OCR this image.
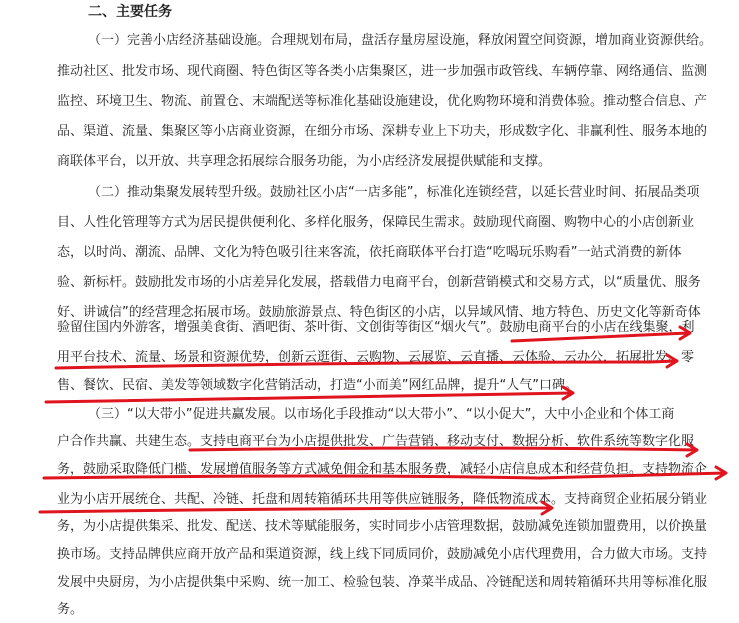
二、主要任务
（一）完善小店经济基础设施。合理规划布局，盘活存量房屋设施，释放闲置空间资源，增加商业资源供给。
推动社区、批发市场、现代商圈、特色街区等各类小店集聚区，进一步加强市政管线、车辆停靠、网络通信、监测
监控、环境卫生、物流、前置仓、末端配送等标准化基础设施建设，优化购物环境和消费体验。推动整合信息、产
品、渠道、流量、集聚区等小店商业资源，在细分市场、深耕专业上下功夫，形成数字化、非赢利性、服务本地的
商联体平台，以开放、共享理念拓展综合服务功能，为小店经济发展提供赋能和支撑。
（二）推动集聚发展转型升级。鼓励社区小店“一店多能”，标准化连锁经营，以延长营业时间、拓展品类项
目、人性化管理等方式为居民提供便利化、多样化服务，保障民生需求。鼓励现代商圈、购物中心的小店创新业
态，以时尚、潮流、品牌、文化为特色吸引往来客流，依托商联体平台打造“吃喝玩乐购看”一站式消费的新体
验、新标杆。鼓励批发市场的小店差异化发展，搭载借力电商平台，创新营销模式和交易方式，以“质量优、服务
好、讲诚信”的经营理念拓展市场。鼓励旅游景点、特色街区的小店，以异域风情、地方特色、历史文化等新奇体
验留住国内外游客，增强美食街、酒吧街、茶叶街、文创街等街区“烟火气”。鼓励电商平台的小店在线集聚，利
用平台技术、流量、场景和资源优势，创新云逛街、云购物、云展览、云直播、云体验、云办公，拓展批发、零
售、餐饮、民宿、美发等领域数字化营销活动，打造“小而美”网红品牌，提升“人气”口碑。
（三）“以大带小”促进共赢发展。以市场化手段推动“以大带小”、“以小促大”，大中小企业和个体工商
户合作共赢、共建生态。支持电商平台为小店提供批发、广告营销、移动支付、数据分析、软件系统等数字化服
务，鼓励采取降低门槛、发展增值服务等方式减免佣金和基本服务费，减轻小店信息成本和经营负担。支持物流企
业为小店开展统仓、共配、冷链、托盘和周转箱循环共用等供应链服务，降低物流成本。支持商贸企业拓展分销业
务，为小店提供集采、批发、配送、技术等赋能服务，实时同步小店管理数据，鼓励减免连锁加盟费用，以价换量
换市场。支持品牌供应商开放产品和渠道资源，线上线下同质同价，鼓励减免小店代理费用，合力做大市场。支持
发展中央厨房，为小店提供集中采购、统一加工、检验包装、净菜半成品、冷链配送和周转箱循环共用等标准化服
务。
